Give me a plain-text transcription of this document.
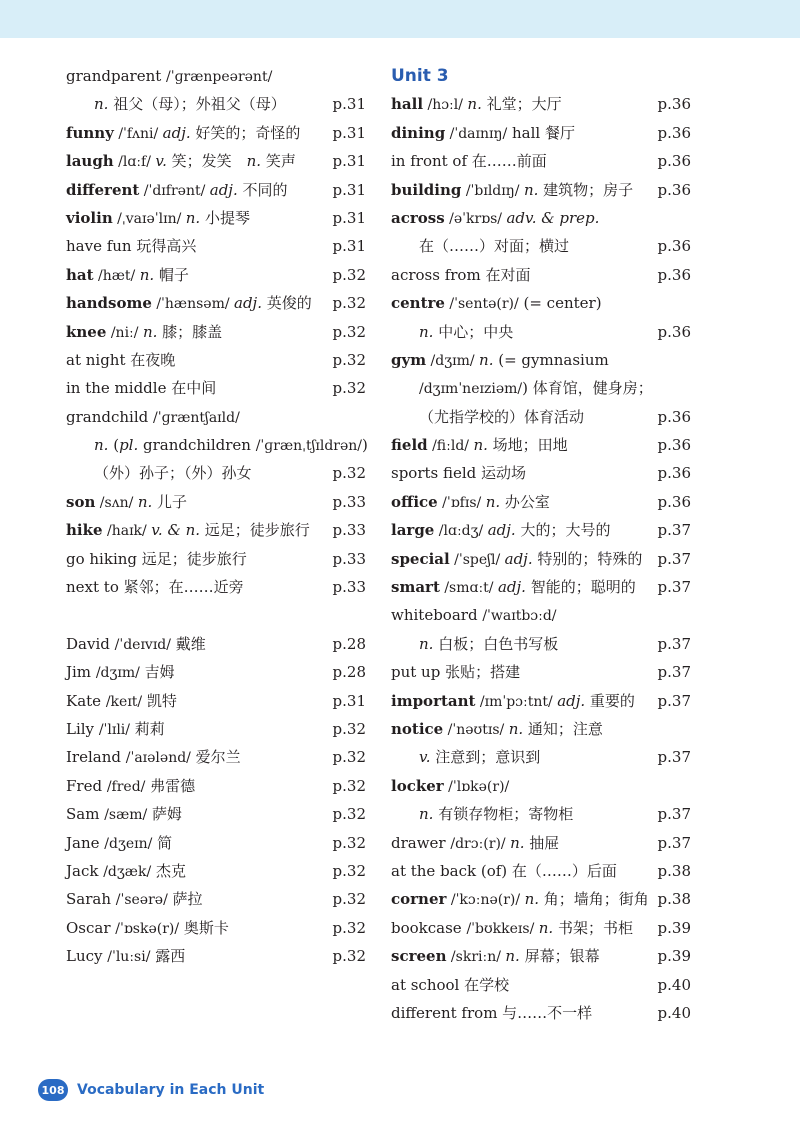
grandparent /ˈɡrænpeərənt/
n. 祖父（母）；外祖父（母）	p.31
funny /ˈfʌni/ adj. 好笑的；奇怪的 p.31
laugh /lɑːf/ v. 笑；发笑　n. 笑声 p.31
different /ˈdɪfrənt/ adj. 不同的	p.31
violin /ˌvaɪəˈlɪn/ n. 小提琴	p.31
have fun 玩得高兴	p.31
hat /hæt/ n. 帽子	p.32
handsome /ˈhænsəm/ adj. 英俊的 p.32
knee /niː/ n. 膝；膝盖	p.32
at night 在夜晚	p.32
in the middle 在中间	p.32
grandchild /ˈɡræntʃaɪld/
n. (pl. grandchildren /ˈɡrænˌtʃɪldrən/)
（外）孙子；（外）孙女	p.32
son /sʌn/ n. 儿子	p.33
hike /haɪk/ v. & n. 远足；徒步旅行 p.33
go hiking 远足；徒步旅行	p.33
next to 紧邻；在……近旁	p.33
David /ˈdeɪvɪd/ 戴维	p.28
Jim /dʒɪm/ 吉姆	p.28
Kate /keɪt/ 凯特	p.31
Lily /ˈlɪli/ 莉莉	p.32
Ireland /ˈaɪələnd/ 爱尔兰	p.32
Fred /fred/ 弗雷德	p.32
Sam /sæm/ 萨姆	p.32
Jane /dʒeɪn/ 简	p.32
Jack /dʒæk/ 杰克	p.32
Sarah /ˈseərə/ 萨拉	p.32
Oscar /ˈɒskə(r)/ 奥斯卡	p.32
Lucy /ˈluːsi/ 露西	p.32
Unit 3
hall /hɔːl/ n. 礼堂；大厅	p.36
dining /ˈdaɪnɪŋ/ hall 餐厅	p.36
in front of 在……前面	p.36
building /ˈbɪldɪŋ/ n. 建筑物；房子 p.36
across /əˈkrɒs/ adv. & prep.
在（……）对面；横过	p.36
across from 在对面	p.36
centre /ˈsentə(r)/ (= center)
n. 中心；中央	p.36
gym /dʒɪm/ n. (= gymnasium
/dʒɪmˈneɪziəm/) 体育馆，健身房；
（尤指学校的）体育活动	p.36
field /fiːld/ n. 场地；田地	p.36
sports field 运动场	p.36
office /ˈɒfɪs/ n. 办公室	p.36
large /lɑːdʒ/ adj. 大的；大号的	p.37
special /ˈspeʃl/ adj. 特别的；特殊的 p.37
smart /smɑːt/ adj. 智能的；聪明的 p.37
whiteboard /ˈwaɪtbɔːd/
n. 白板；白色书写板	p.37
put up 张贴；搭建	p.37
important /ɪmˈpɔːtnt/ adj. 重要的 p.37
notice /ˈnəʊtɪs/ n. 通知；注意
v. 注意到；意识到	p.37
locker /ˈlɒkə(r)/
n. 有锁存物柜；寄物柜	p.37
drawer /drɔː(r)/ n. 抽屉	p.37
at the back (of) 在（……）后面	p.38
corner /ˈkɔːnə(r)/ n. 角；墙角；街角 p.38
bookcase /ˈbʊkkeɪs/ n. 书架；书柜 p.39
screen /skriːn/ n. 屏幕；银幕	p.39
at school 在学校	p.40
different from 与……不一样	p.40
108 Vocabulary in Each Unit
